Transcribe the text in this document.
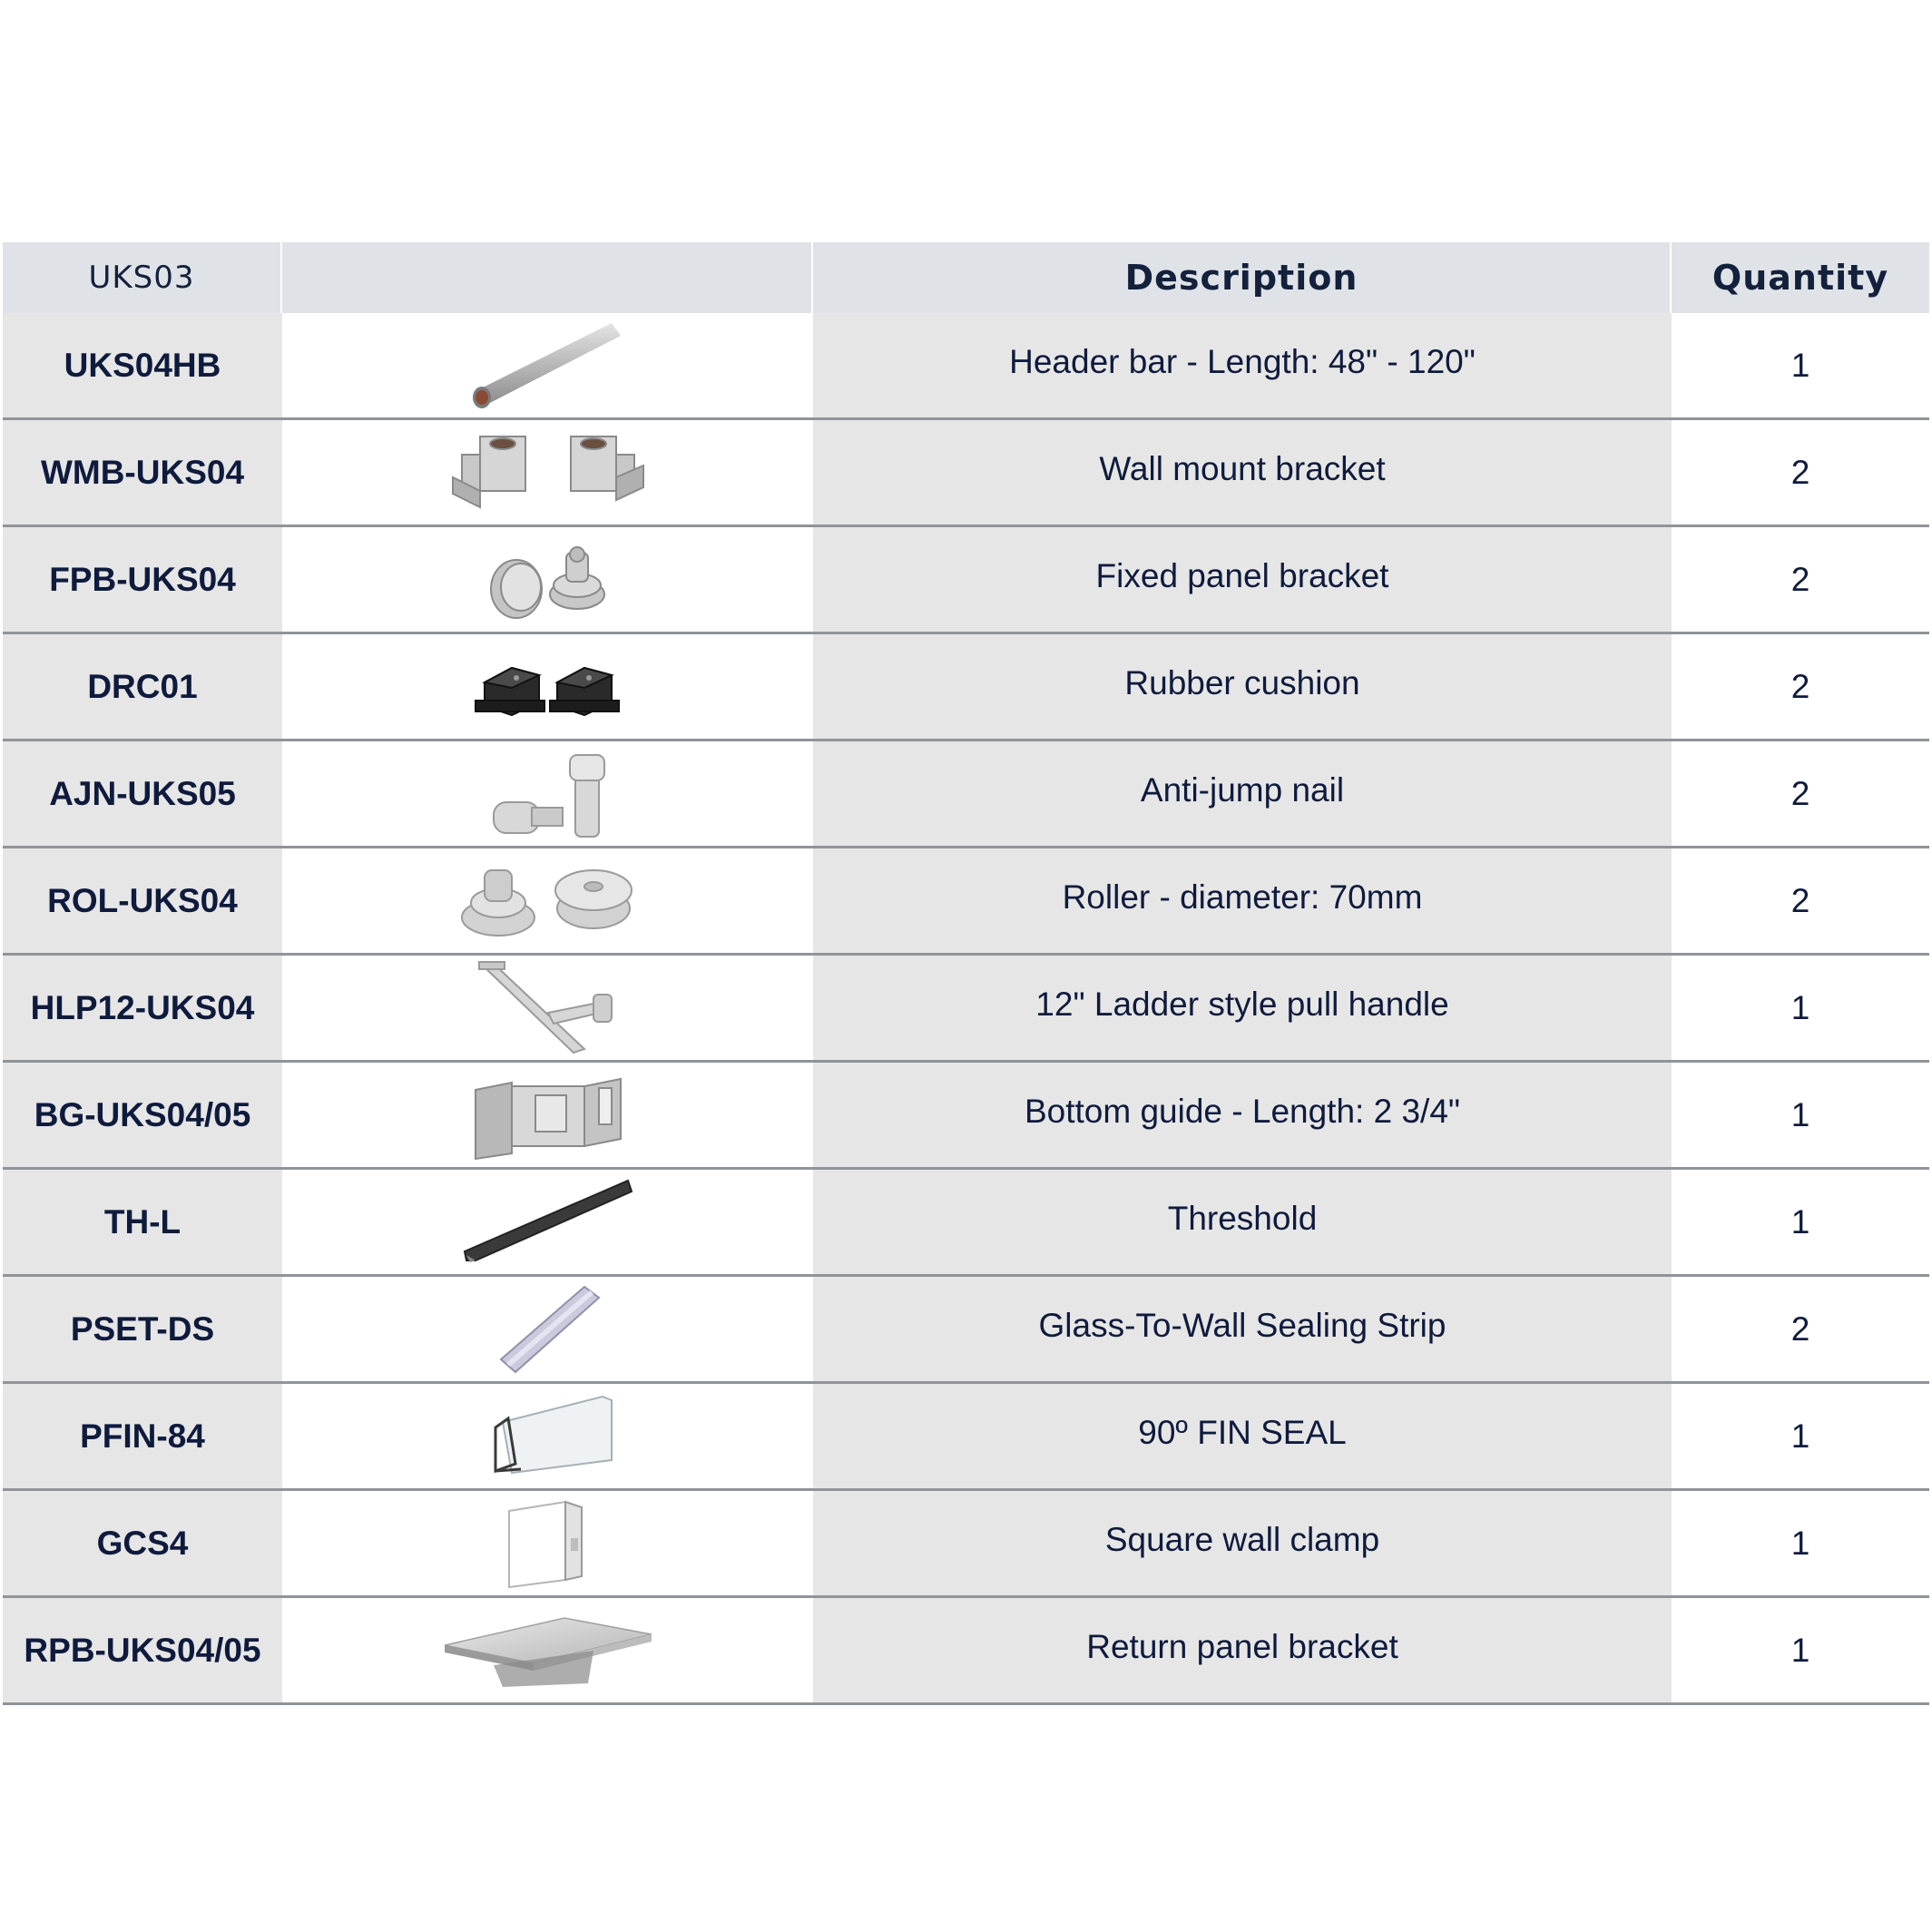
UKS03	Description	Quantity
UKS04HB	Header bar - Length: 48" - 120"	1
WMB-UKS04	Wall mount bracket	2
FPB-UKS04	Fixed panel bracket	2
DRC01	Rubber cushion	2
AJN-UKS05	Anti-jump nail	2
ROL-UKS04	Roller - diameter: 70mm	2
HLP12-UKS04	12" Ladder style pull handle	1
BG-UKS04/05	Bottom guide - Length: 2 3/4"	1
TH-L	Threshold	1
PSET-DS	Glass-To-Wall Sealing Strip	2
PFIN-84	90º FIN SEAL	1
GCS4	Square wall clamp	1
RPB-UKS04/05	Return panel bracket	1
